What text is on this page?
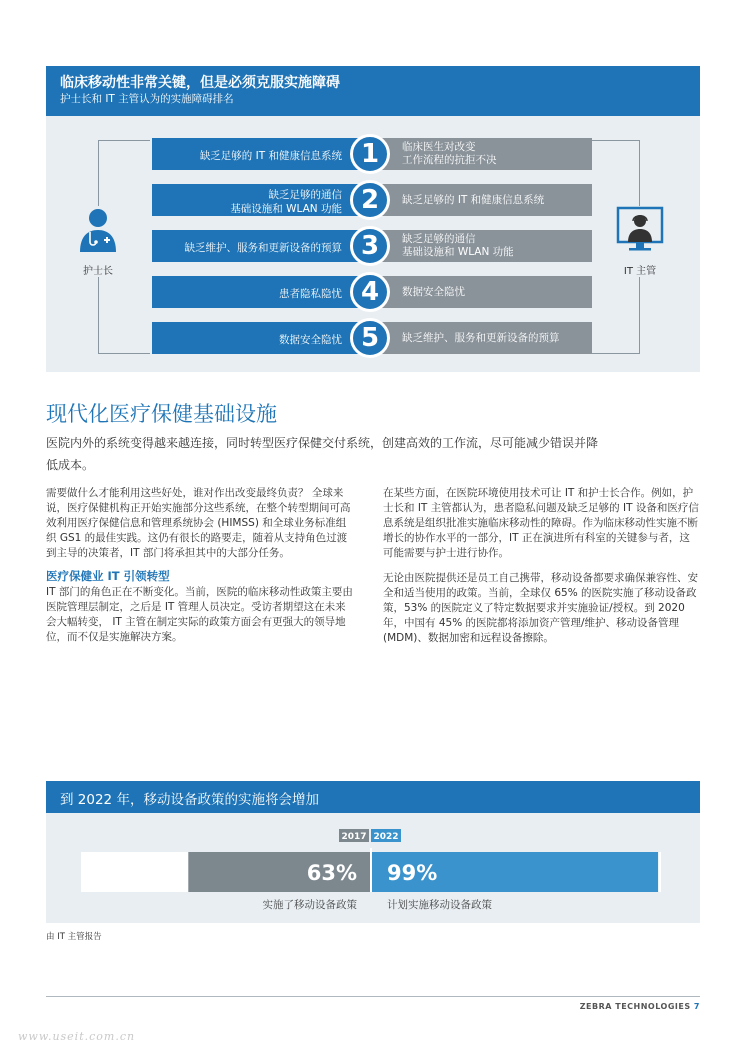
临床移动性非常关键，但是必须克服实施障碍
护士长和 IT 主管认为的实施障碍排名
护士长	IT 主管
缺乏足够的 IT 和健康信息系统
临床医生对改变
工作流程的抗拒不决
1
缺乏足够的通信
基础设施和 WLAN 功能
缺乏足够的 IT 和健康信息系统
2
缺乏维护、服务和更新设备的预算
缺乏足够的通信
基础设施和 WLAN 功能
3
患者隐私隐忧	数据安全隐忧
4
数据安全隐忧	缺乏维护、服务和更新设备的预算
5
现代化医疗保健基础设施
医院内外的系统变得越来越连接，同时转型医疗保健交付系统，创建高效的工作流，尽可能减少错误并降低成本。

需要做什么才能利用这些好处，谁对作出改变最终负责？ 全球来说，医疗保健机构正开始实施部分这些系统，在整个转型期间可高效利用医疗保健信息和管理系统协会 (HIMSS) 和全球业务标准组织 GS1 的最佳实践。这仍有很长的路要走，随着从支持角色过渡到主导的决策者，IT 部门将承担其中的大部分任务。

医疗保健业 IT 引领转型

IT 部门的角色正在不断变化。当前，医院的临床移动性政策主要由医院管理层制定，之后是 IT 管理人员决定。受访者期望这在未来会大幅转变， IT 主管在制定实际的政策方面会有更强大的领导地位，而不仅是实施解决方案。

在某些方面，在医院环境使用技术可让 IT 和护士长合作。例如，护士长和 IT 主管都认为，患者隐私问题及缺乏足够的 IT 设备和医疗信息系统是组织批准实施临床移动性的障碍。作为临床移动性实施不断增长的协作水平的一部分，IT 正在演进所有科室的关键参与者，这可能需要与护士进行协作。

无论由医院提供还是员工自己携带，移动设备都要求确保兼容性、安全和适当使用的政策。当前，全球仅 65% 的医院实施了移动设备政策，53% 的医院定义了特定数据要求并实施验证/授权。到 2020 年，中国有 45% 的医院都将添加资产管理/维护、移动设备管理 (MDM)、数据加密和远程设备擦除。

到 2022 年，移动设备政策的实施将会增加
2017 2022
63% 99%
实施了移动设备政策	计划实施移动设备政策
由 IT 主管报告
ZEBRA TECHNOLOGIES 7
www.useit.com.cn
